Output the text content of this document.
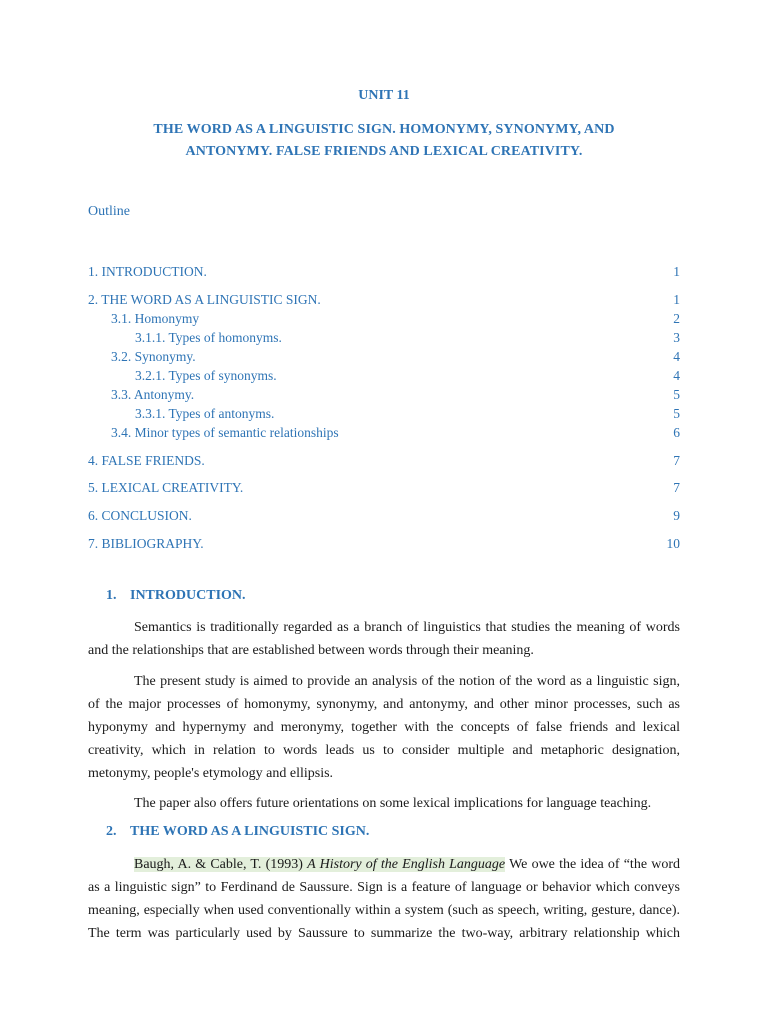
UNIT 11
THE WORD AS A LINGUISTIC SIGN. HOMONYMY, SYNONYMY, AND
ANTONYMY. FALSE FRIENDS AND LEXICAL CREATIVITY.
Outline
1. INTRODUCTION.	1
2. THE WORD AS A LINGUISTIC SIGN.	1
3.1. Homonymy	2
3.1.1. Types of homonyms.	3
3.2. Synonymy.	4
3.2.1. Types of synonyms.	4
3.3. Antonymy.	5
3.3.1. Types of antonyms.	5
3.4. Minor types of semantic relationships	6
4. FALSE FRIENDS.	7
5. LEXICAL CREATIVITY.	7
6. CONCLUSION.	9
7. BIBLIOGRAPHY.	10
1. INTRODUCTION.
Semantics is traditionally regarded as a branch of linguistics that studies the meaning of words
and the relationships that are established between words through their meaning.
The present study is aimed to provide an analysis of the notion of the word as a linguistic sign,
of the major processes of homonymy, synonymy, and antonymy, and other minor processes, such as
hyponymy and hypernymy and meronymy, together with the concepts of false friends and lexical
creativity, which in relation to words leads us to consider multiple and metaphoric designation,
metonymy, people's etymology and ellipsis.
The paper also offers future orientations on some lexical implications for language teaching.
2. THE WORD AS A LINGUISTIC SIGN.
Baugh, A. & Cable, T. (1993) A History of the English Language We owe the idea of “the word
as a linguistic sign” to Ferdinand de Saussure. Sign is a feature of language or behavior which conveys
meaning, especially when used conventionally within a system (such as speech, writing, gesture, dance).
The term was particularly used by Saussure to summarize the two-way, arbitrary relationship which
